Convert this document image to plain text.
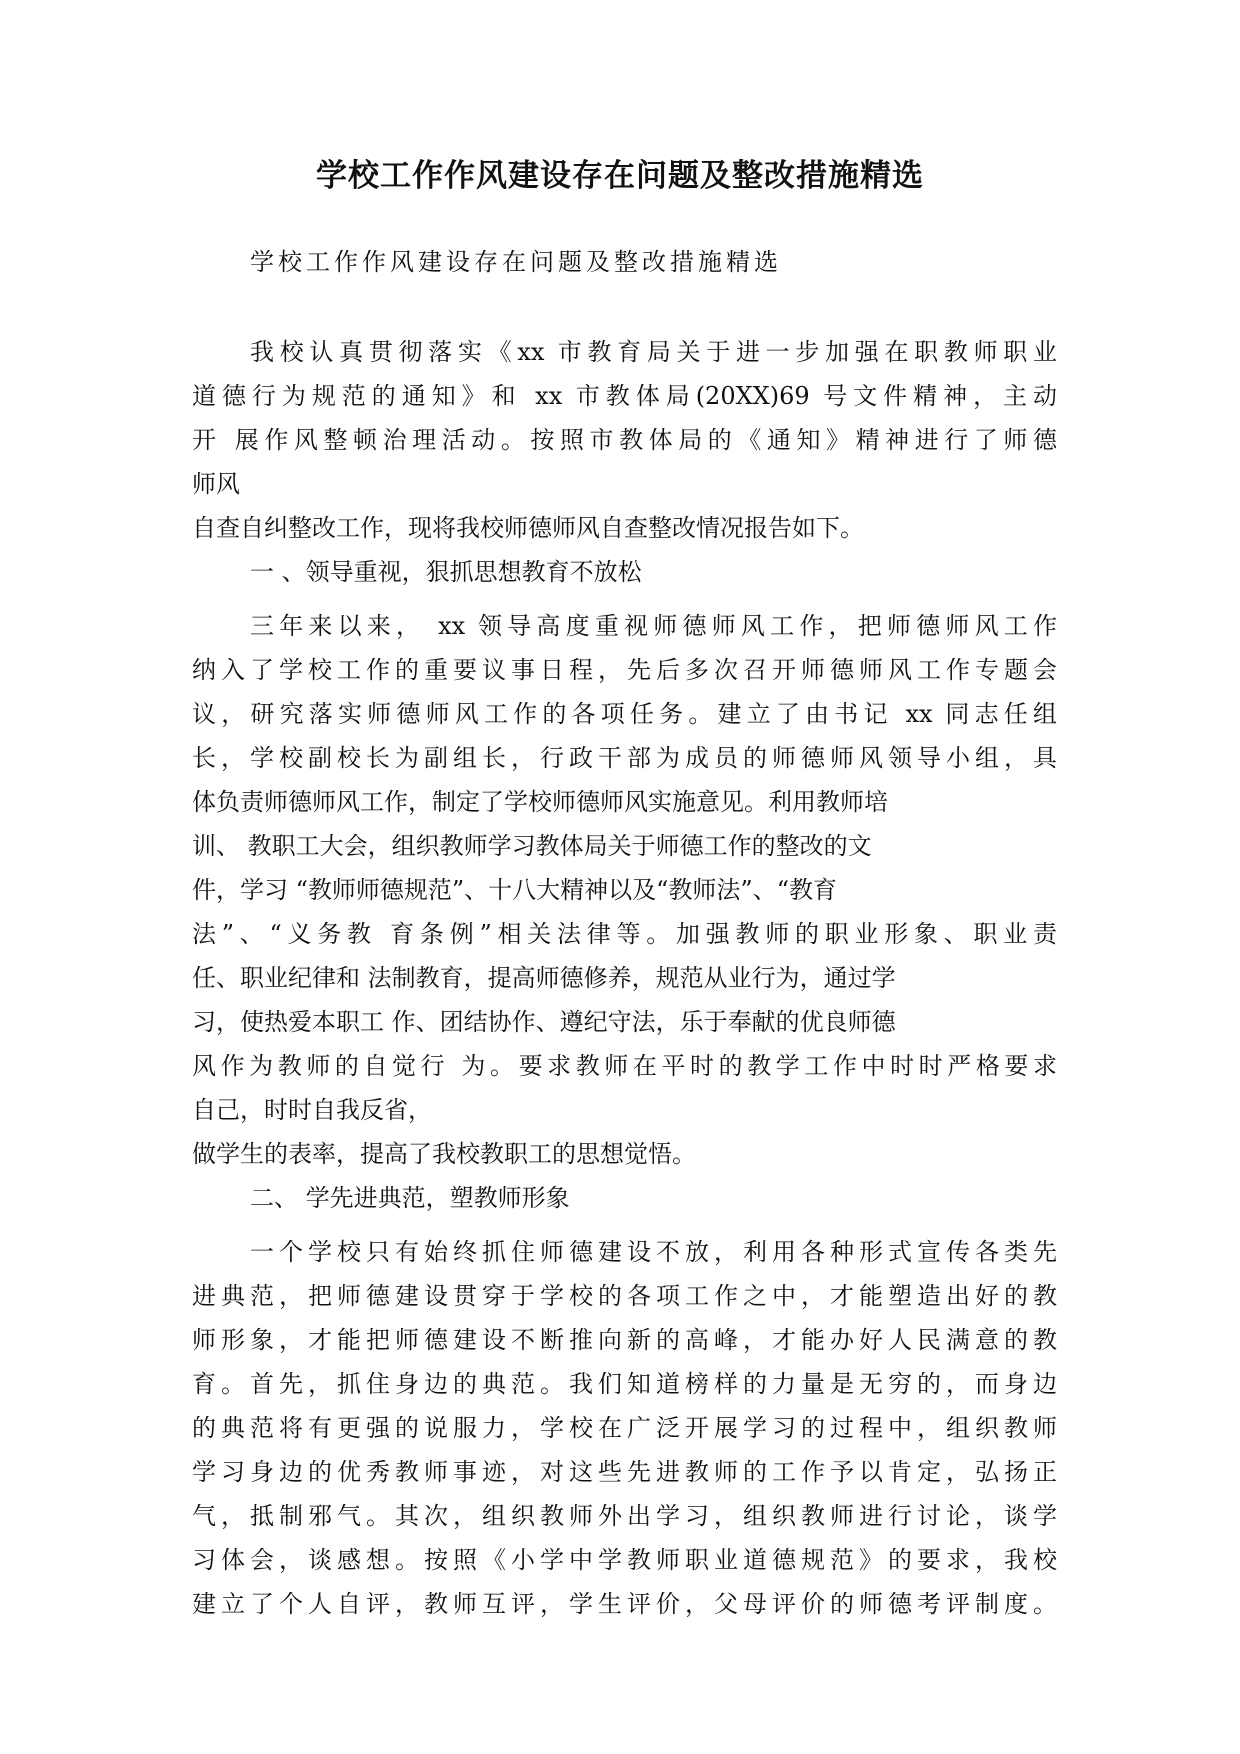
学校工作作风建设存在问题及整改措施精选
学校工作作风建设存在问题及整改措施精选
我校认真贯彻落实《xx 市教育局关于进一步加强在职教师职业
道德行为规范的通知》和 xx 市教体局(20XX)69 号文件精神，主动
开 展作风整顿治理活动。按照市教体局的《通知》精神进行了师德
师风
自查自纠整改工作，现将我校师德师风自查整改情况报告如下。
一 、领导重视，狠抓思想教育不放松
三年来以来， xx 领导高度重视师德师风工作，把师德师风工作
纳入了学校工作的重要议事日程，先后多次召开师德师风工作专题会
议，研究落实师德师风工作的各项任务。建立了由书记 xx 同志任组
长，学校副校长为副组长，行政干部为成员的师德师风领导小组，具
体负责师德师风工作，制定了学校师德师风实施意见。利用教师培
训、 教职工大会，组织教师学习教体局关于师德工作的整改的文
件，学习 “教师师德规范”、十八大精神以及“教师法”、“教育
法”、“义务教 育条例”相关法律等。加强教师的职业形象、职业责
任、职业纪律和 法制教育，提高师德修养，规范从业行为，通过学
习，使热爱本职工 作、团结协作、遵纪守法，乐于奉献的优良师德
风作为教师的自觉行 为。要求教师在平时的教学工作中时时严格要求
自己，时时自我反省，
做学生的表率，提高了我校教职工的思想觉悟。
二、 学先进典范，塑教师形象
一个学校只有始终抓住师德建设不放，利用各种形式宣传各类先
进典范，把师德建设贯穿于学校的各项工作之中，才能塑造出好的教
师形象，才能把师德建设不断推向新的高峰，才能办好人民满意的教
育。首先，抓住身边的典范。我们知道榜样的力量是无穷的，而身边
的典范将有更强的说服力，学校在广泛开展学习的过程中，组织教师
学习身边的优秀教师事迹，对这些先进教师的工作予以肯定，弘扬正
气，抵制邪气。其次，组织教师外出学习，组织教师进行讨论，谈学
习体会，谈感想。按照《小学中学教师职业道德规范》的要求，我校
建立了个人自评，教师互评，学生评价，父母评价的师德考评制度。
